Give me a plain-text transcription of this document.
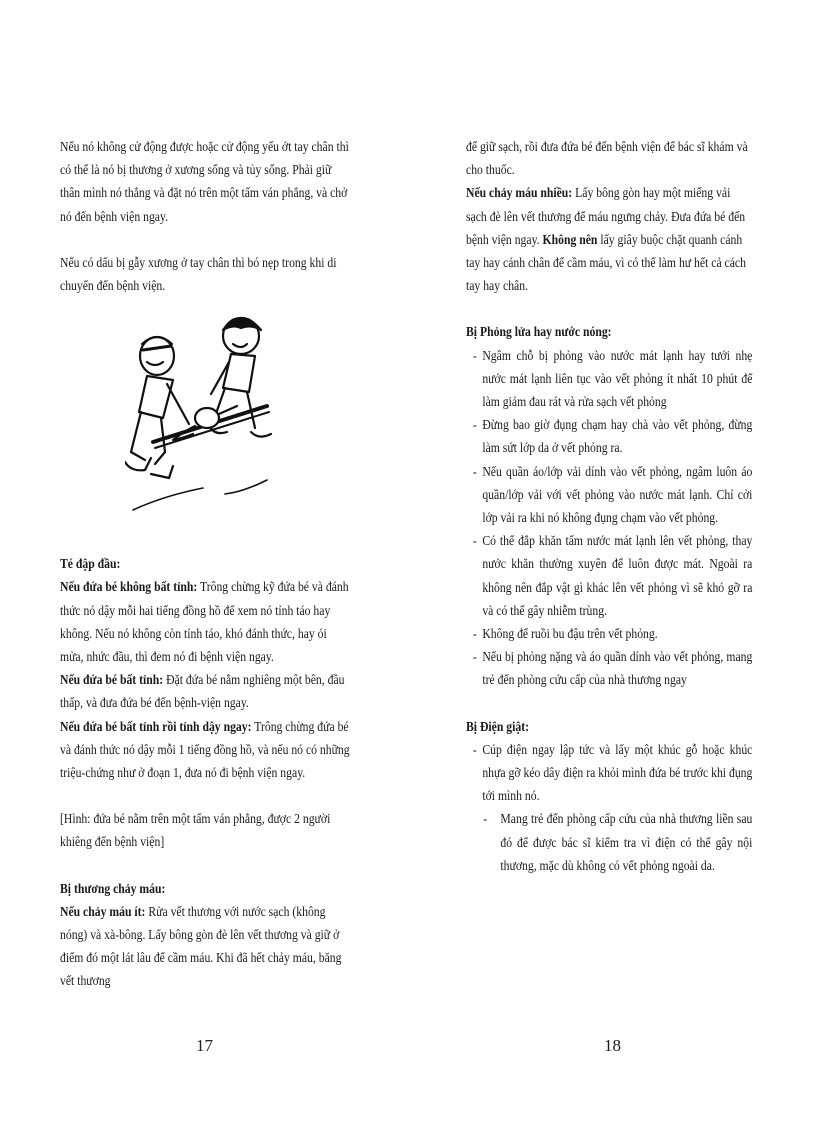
Nếu nó không cử động được hoặc cử động yếu ớt tay chân thì có thể là nó bị thương ở xương sống và tủy sống. Phải giữ thân mình nó thẳng và đặt nó trên một tấm ván phẳng, và chở nó đến bệnh viện ngay.

Nếu có dấu bị gẫy xương ở tay chân thì bó nẹp trong khi di chuyển đến bệnh viện.

Té đập đầu:

Nếu đứa bé không bất tỉnh: Trông chừng kỹ đứa bé và đánh thức nó dậy mỗi hai tiếng đồng hồ để xem nó tỉnh táo hay không. Nếu nó không còn tỉnh táo, khó đánh thức, hay ói mửa, nhức đầu, thì đem nó đi bệnh viện ngay.

Nếu đứa bé bất tỉnh: Đặt đứa bé nằm nghiêng một bên, đầu thấp, và đưa đứa bé đến bệnh-viện ngay.

Nếu đứa bé bất tỉnh rồi tỉnh dậy ngay: Trông chừng đứa bé và đánh thức nó dậy mỗi 1 tiếng đồng hồ, và nếu nó có những triệu-chứng như ở đoạn 1, đưa nó đi bệnh viện ngay.

[Hình: đứa bé nằm trên một tấm ván phẳng, được 2 người khiêng đến bệnh viện]

Bị thương chảy máu:

Nếu chảy máu ít: Rửa vết thương với nước sạch (không nóng) và xà-bông. Lấy bông gòn đè lên vết thương và giữ ở điểm đó một lát lâu để cầm máu. Khi đã hết chảy máu, băng vết thương

để giữ sạch, rồi đưa đứa bé đến bệnh viện để bác sĩ khám và cho thuốc.

Nếu chảy máu nhiều: Lấy bông gòn hay một miếng vải sạch đè lên vết thương để máu ngưng chảy. Đưa đứa bé đến bệnh viện ngay. Không nên lấy giây buộc chặt quanh cánh tay hay cánh chân để cầm máu, vì có thể làm hư hết cả cách tay hay chân.

Bị Phỏng lửa hay nước nóng:

- Ngâm chỗ bị phỏng vào nước mát lạnh hay tưới nhẹ nước mát lạnh liên tục vào vết phỏng ít nhất 10 phút để làm giảm đau rát và rửa sạch vết phỏng
- Đừng bao giờ đụng chạm hay chà vào vết phỏng, đừng làm sứt lớp da ở vết phỏng ra.
- Nếu quần áo/lớp vải dính vào vết phỏng, ngâm luôn áo quần/lớp vải với vết phỏng vào nước mát lạnh. Chỉ cởi lớp vải ra khi nó không đụng chạm vào vết phỏng.
- Có thể đắp khăn tẩm nước mát lạnh lên vết phỏng, thay nước khăn thường xuyên để luôn được mát. Ngoài ra không nên đắp vật gì khác lên vết phỏng vì sẽ khó gỡ ra và có thể gây nhiễm trùng.
- Không để ruồi bu đậu trên vết phỏng.
- Nếu bị phỏng nặng và áo quần dính vào vết phỏng, mang trẻ đến phòng cứu cấp của nhà thương ngay

Bị Điện giật:

- Cúp điện ngay lập tức và lấy một khúc gỗ hoặc khúc nhựa gỡ kéo dây điện ra khỏi mình đứa bé trước khi đụng tới mình nó.
- Mang trẻ đến phòng cấp cứu của nhà thương liền sau đó để được bác sĩ kiểm tra vì điện có thể gây nội thương, mặc dù không có vết phỏng ngoài da.
17	18
